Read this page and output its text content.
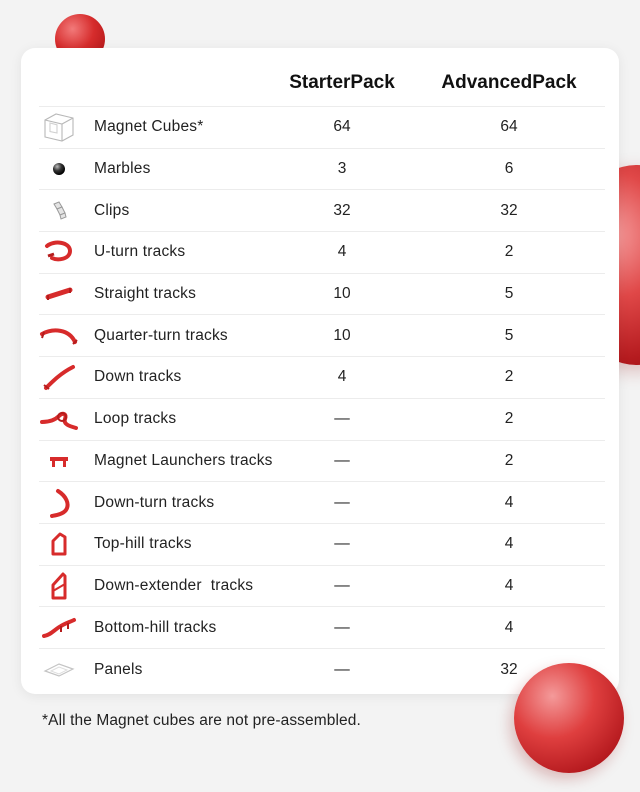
StarterPack AdvancedPack
Magnet Cubes*	64	64
Marbles	3	6
Clips	32	32
U-turn tracks	4	2
Straight tracks	10	5
Quarter-turn tracks	10	5
Down tracks	4	2
Loop tracks	—	2
Magnet Launchers tracks	—	2
Down-turn tracks	—	4
Top-hill tracks	—	4
Down-extender  tracks	—	4
Bottom-hill tracks	—	4
Panels	—	32
*All the Magnet cubes are not pre-assembled.
